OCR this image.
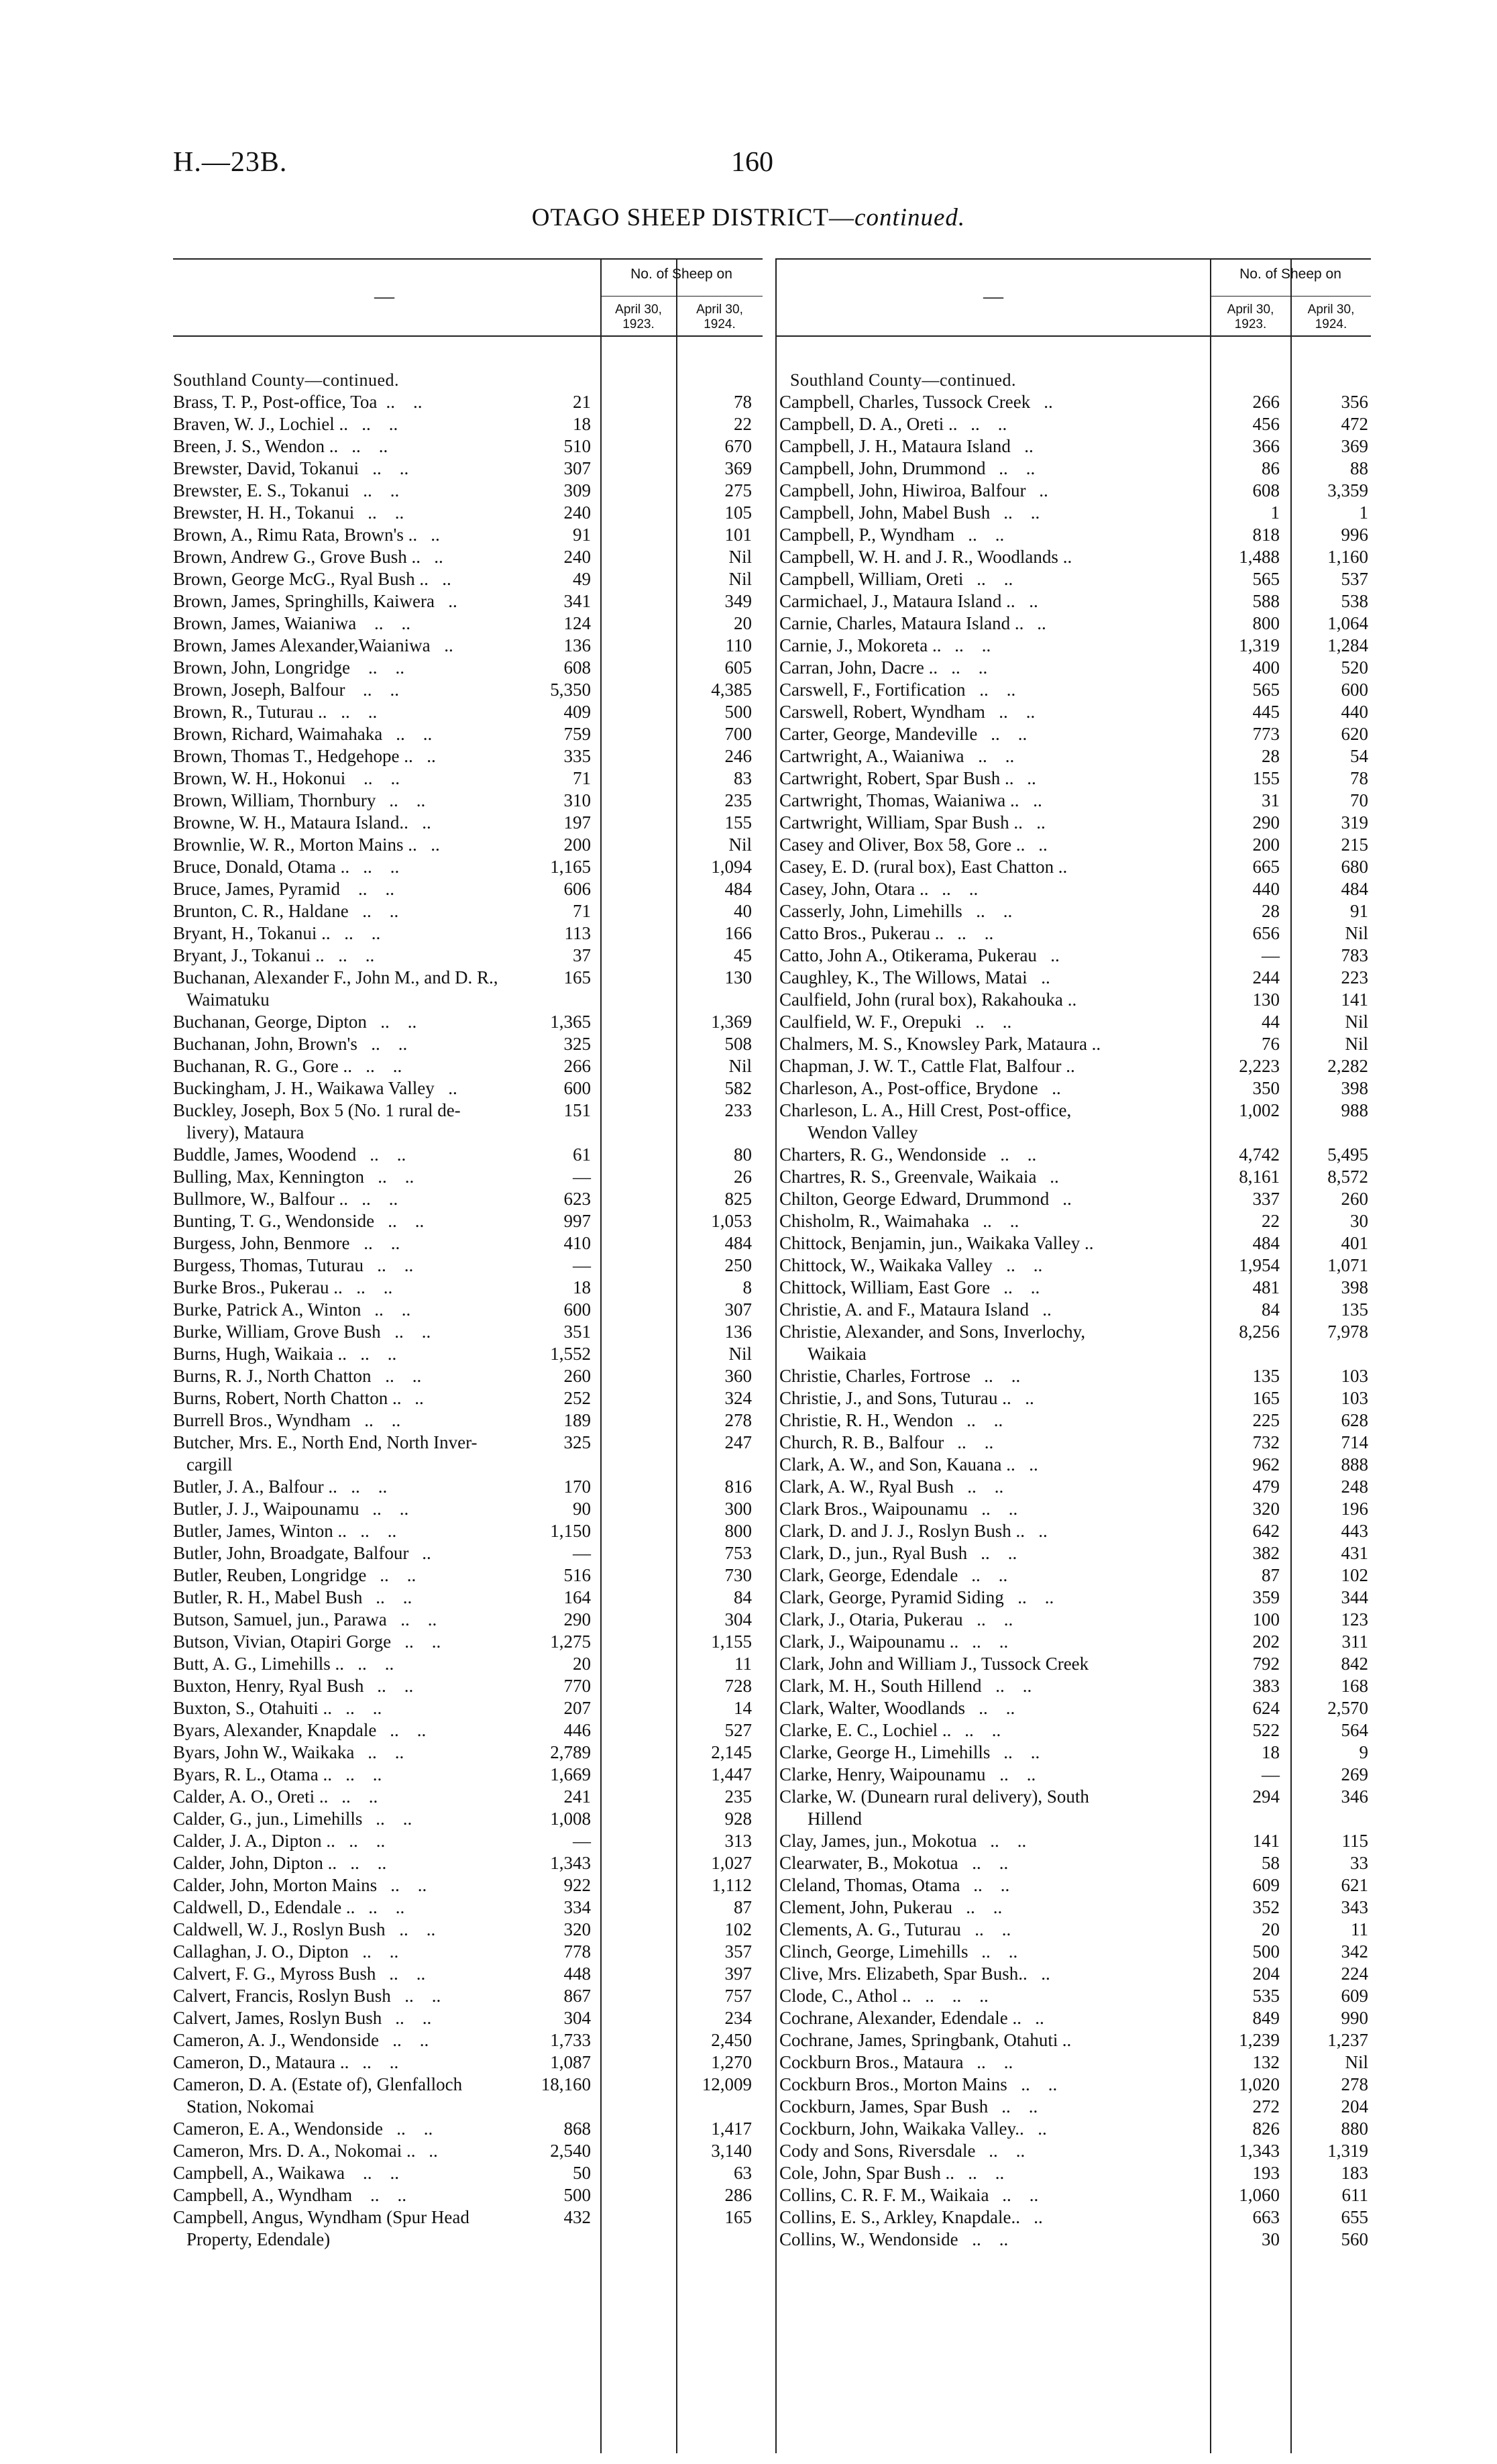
H.—23B.	160
OTAGO SHEEP DISTRICT—continued.
—
No. of Sheep on
April 30, 1923.
April 30, 1924.
Southland County—continued.
Brass, T. P., Post-office, Toa ..    ..	21	78
Braven, W. J., Lochiel .. ..    ..	18	22
Breen, J. S., Wendon .. ..    ..	510	670
Brewster, David, Tokanui ..    ..	307	369
Brewster, E. S., Tokanui ..    ..	309	275
Brewster, H. H., Tokanui ..    ..	240	105
Brown, A., Rimu Rata, Brown's .. ..	91	101
Brown, Andrew G., Grove Bush .. ..	240	Nil
Brown, George McG., Ryal Bush .. ..	49	Nil
Brown, James, Springhills, Kaiwera ..	341	349
Brown, James, Waianiwa ..    ..	124	20
Brown, James Alexander,Waianiwa ..	136	110
Brown, John, Longridge ..    ..	608	605
Brown, Joseph, Balfour ..    ..	5,350	4,385
Brown, R., Tuturau .. ..    ..	409	500
Brown, Richard, Waimahaka ..    ..	759	700
Brown, Thomas T., Hedgehope .. ..	335	246
Brown, W. H., Hokonui ..    ..	71	83
Brown, William, Thornbury ..    ..	310	235
Browne, W. H., Mataura Island.. ..	197	155
Brownlie, W. R., Morton Mains .. ..	200	Nil
Bruce, Donald, Otama .. ..    ..	1,165	1,094
Bruce, James, Pyramid ..    ..	606	484
Brunton, C. R., Haldane ..    ..	71	40
Bryant, H., Tokanui .. ..    ..	113	166
Bryant, J., Tokanui .. ..    ..	37	45
Buchanan, Alexander F., John M., and D. R.,
Waimatuku
165	130
Buchanan, George, Dipton ..    ..	1,365	1,369
Buchanan, John, Brown's ..    ..	325	508
Buchanan, R. G., Gore .. ..    ..	266	Nil
Buckingham, J. H., Waikawa Valley ..	600	582
Buckley, Joseph, Box 5 (No. 1 rural de-
livery), Mataura
151	233
Buddle, James, Woodend ..    ..	61	80
Bulling, Max, Kennington ..    ..	—	26
Bullmore, W., Balfour .. ..    ..	623	825
Bunting, T. G., Wendonside ..    ..	997	1,053
Burgess, John, Benmore ..    ..	410	484
Burgess, Thomas, Tuturau ..    ..	—	250
Burke Bros., Pukerau .. ..    ..	18	8
Burke, Patrick A., Winton ..    ..	600	307
Burke, William, Grove Bush ..    ..	351	136
Burns, Hugh, Waikaia .. ..    ..	1,552	Nil
Burns, R. J., North Chatton ..    ..	260	360
Burns, Robert, North Chatton .. ..	252	324
Burrell Bros., Wyndham ..    ..	189	278
Butcher, Mrs. E., North End, North Inver-
cargill
325	247
Butler, J. A., Balfour .. ..    ..	170	816
Butler, J. J., Waipounamu ..    ..	90	300
Butler, James, Winton .. ..    ..	1,150	800
Butler, John, Broadgate, Balfour ..	—	753
Butler, Reuben, Longridge ..    ..	516	730
Butler, R. H., Mabel Bush ..    ..	164	84
Butson, Samuel, jun., Parawa ..    ..	290	304
Butson, Vivian, Otapiri Gorge ..    ..	1,275	1,155
Butt, A. G., Limehills .. ..    ..	20	11
Buxton, Henry, Ryal Bush ..    ..	770	728
Buxton, S., Otahuiti .. ..    ..	207	14
Byars, Alexander, Knapdale ..    ..	446	527
Byars, John W., Waikaka ..    ..	2,789	2,145
Byars, R. L., Otama .. ..    ..	1,669	1,447
Calder, A. O., Oreti .. ..    ..	241	235
Calder, G., jun., Limehills ..    ..	1,008	928
Calder, J. A., Dipton .. ..    ..	—	313
Calder, John, Dipton .. ..    ..	1,343	1,027
Calder, John, Morton Mains ..    ..	922	1,112
Caldwell, D., Edendale .. ..    ..	334	87
Caldwell, W. J., Roslyn Bush ..    ..	320	102
Callaghan, J. O., Dipton ..    ..	778	357
Calvert, F. G., Myross Bush ..    ..	448	397
Calvert, Francis, Roslyn Bush ..    ..	867	757
Calvert, James, Roslyn Bush ..    ..	304	234
Cameron, A. J., Wendonside ..    ..	1,733	2,450
Cameron, D., Mataura .. ..    ..	1,087	1,270
Cameron, D. A. (Estate of), Glenfalloch
Station, Nokomai
18,160	12,009
Cameron, E. A., Wendonside ..    ..	868	1,417
Cameron, Mrs. D. A., Nokomai .. ..	2,540	3,140
Campbell, A., Waikawa ..    ..	50	63
Campbell, A., Wyndham ..    ..	500	286
Campbell, Angus, Wyndham (Spur Head
Property, Edendale)
432	165
—
No. of Sheep on
April 30, 1923.
April 30, 1924.
Southland County—continued.
Campbell, Charles, Tussock Creek ..	266	356
Campbell, D. A., Oreti .. ..    ..	456	472
Campbell, J. H., Mataura Island ..	366	369
Campbell, John, Drummond ..    ..	86	88
Campbell, John, Hiwiroa, Balfour ..	608	3,359
Campbell, John, Mabel Bush ..    ..	1	1
Campbell, P., Wyndham ..    ..	818	996
Campbell, W. H. and J. R., Woodlands ..	1,488	1,160
Campbell, William, Oreti ..    ..	565	537
Carmichael, J., Mataura Island .. ..	588	538
Carnie, Charles, Mataura Island .. ..	800	1,064
Carnie, J., Mokoreta .. ..    ..	1,319	1,284
Carran, John, Dacre .. ..    ..	400	520
Carswell, F., Fortification ..    ..	565	600
Carswell, Robert, Wyndham ..    ..	445	440
Carter, George, Mandeville ..    ..	773	620
Cartwright, A., Waianiwa ..    ..	28	54
Cartwright, Robert, Spar Bush .. ..	155	78
Cartwright, Thomas, Waianiwa .. ..	31	70
Cartwright, William, Spar Bush .. ..	290	319
Casey and Oliver, Box 58, Gore .. ..	200	215
Casey, E. D. (rural box), East Chatton ..	665	680
Casey, John, Otara .. ..    ..	440	484
Casserly, John, Limehills ..    ..	28	91
Catto Bros., Pukerau .. ..    ..	656	Nil
Catto, John A., Otikerama, Pukerau ..	—	783
Caughley, K., The Willows, Matai ..	244	223
Caulfield, John (rural box), Rakahouka ..	130	141
Caulfield, W. F., Orepuki ..    ..	44	Nil
Chalmers, M. S., Knowsley Park, Mataura ..	76	Nil
Chapman, J. W. T., Cattle Flat, Balfour ..	2,223	2,282
Charleson, A., Post-office, Brydone ..	350	398
Charleson, L. A., Hill Crest, Post-office,
Wendon Valley
1,002	988
Charters, R. G., Wendonside ..    ..	4,742	5,495
Chartres, R. S., Greenvale, Waikaia ..	8,161	8,572
Chilton, George Edward, Drummond ..	337	260
Chisholm, R., Waimahaka ..    ..	22	30
Chittock, Benjamin, jun., Waikaka Valley ..	484	401
Chittock, W., Waikaka Valley ..    ..	1,954	1,071
Chittock, William, East Gore ..    ..	481	398
Christie, A. and F., Mataura Island ..	84	135
Christie, Alexander, and Sons, Inverlochy,
Waikaia
8,256	7,978
Christie, Charles, Fortrose ..    ..	135	103
Christie, J., and Sons, Tuturau .. ..	165	103
Christie, R. H., Wendon ..    ..	225	628
Church, R. B., Balfour ..    ..	732	714
Clark, A. W., and Son, Kauana .. ..	962	888
Clark, A. W., Ryal Bush ..    ..	479	248
Clark Bros., Waipounamu ..    ..	320	196
Clark, D. and J. J., Roslyn Bush .. ..	642	443
Clark, D., jun., Ryal Bush ..    ..	382	431
Clark, George, Edendale ..    ..	87	102
Clark, George, Pyramid Siding ..    ..	359	344
Clark, J., Otaria, Pukerau ..    ..	100	123
Clark, J., Waipounamu .. ..    ..	202	311
Clark, John and William J., Tussock Creek	792	842
Clark, M. H., South Hillend ..    ..	383	168
Clark, Walter, Woodlands ..    ..	624	2,570
Clarke, E. C., Lochiel .. ..    ..	522	564
Clarke, George H., Limehills ..    ..	18	9
Clarke, Henry, Waipounamu ..    ..	—	269
Clarke, W. (Dunearn rural delivery), South
Hillend
294	346
Clay, James, jun., Mokotua ..    ..	141	115
Clearwater, B., Mokotua ..    ..	58	33
Cleland, Thomas, Otama ..    ..	609	621
Clement, John, Pukerau ..    ..	352	343
Clements, A. G., Tuturau ..    ..	20	11
Clinch, George, Limehills ..    ..	500	342
Clive, Mrs. Elizabeth, Spar Bush.. ..	204	224
Clode, C., Athol .. ..    ..    ..	535	609
Cochrane, Alexander, Edendale .. ..	849	990
Cochrane, James, Springbank, Otahuti ..	1,239	1,237
Cockburn Bros., Mataura ..    ..	132	Nil
Cockburn Bros., Morton Mains ..    ..	1,020	278
Cockburn, James, Spar Bush ..    ..	272	204
Cockburn, John, Waikaka Valley.. ..	826	880
Cody and Sons, Riversdale ..    ..	1,343	1,319
Cole, John, Spar Bush .. ..    ..	193	183
Collins, C. R. F. M., Waikaia ..    ..	1,060	611
Collins, E. S., Arkley, Knapdale.. ..	663	655
Collins, W., Wendonside ..    ..	30	560
